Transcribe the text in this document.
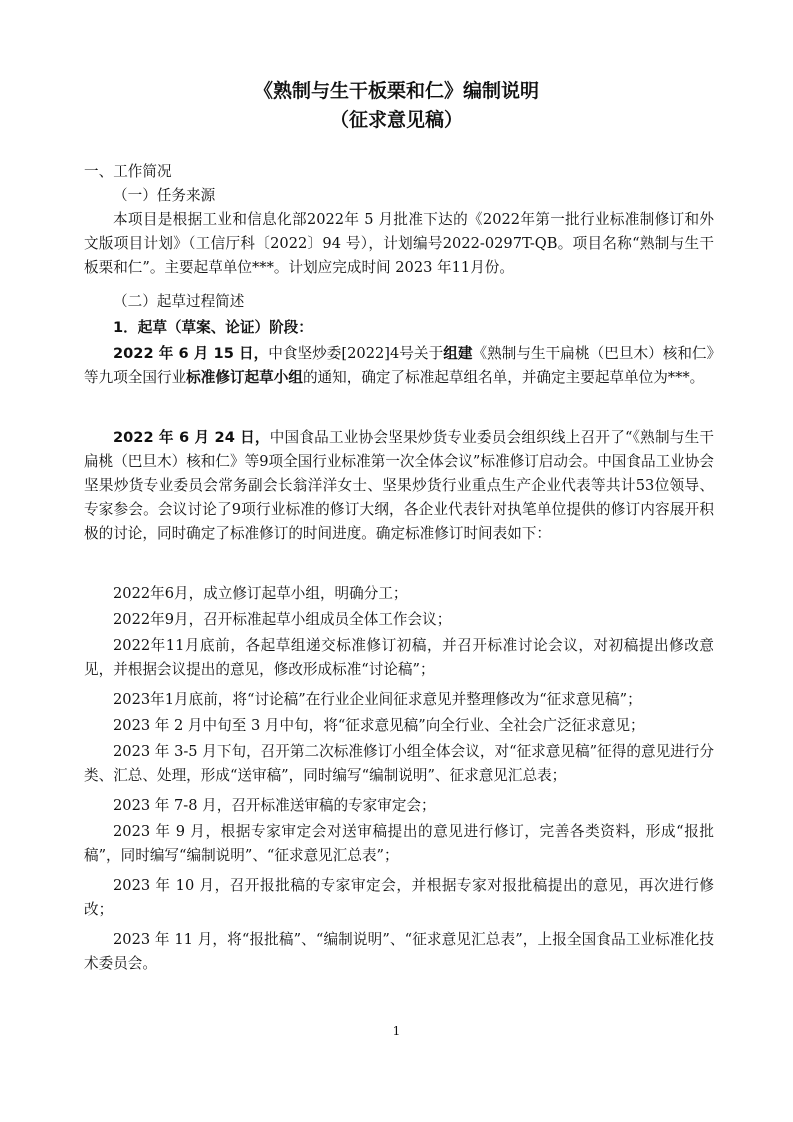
《熟制与生干板栗和仁》编制说明
（征求意见稿）

一、工作简况

（一）任务来源

本项目是根据工业和信息化部2022年 5 月批准下达的《2022年第一批行业标准制修订和外文版项目计划》（工信厅科〔2022〕94 号），计划编号2022-0297T-QB。项目名称“熟制与生干板栗和仁”。主要起草单位***。计划应完成时间 2023 年11月份。

（二）起草过程简述

1．起草（草案、论证）阶段：

2022 年 6 月 15 日，中食坚炒委[2022]4号关于组建《熟制与生干扁桃（巴旦木）核和仁》等九项全国行业标准修订起草小组的通知，确定了标准起草组名单，并确定主要起草单位为***。

2022 年 6 月 24 日，中国食品工业协会坚果炒货专业委员会组织线上召开了“《熟制与生干扁桃（巴旦木）核和仁》等9项全国行业标准第一次全体会议”标准修订启动会。中国食品工业协会坚果炒货专业委员会常务副会长翁洋洋女士、坚果炒货行业重点生产企业代表等共计53位领导、专家参会。会议讨论了9项行业标准的修订大纲，各企业代表针对执笔单位提供的修订内容展开积极的讨论，同时确定了标准修订的时间进度。确定标准修订时间表如下：

2022年6月，成立修订起草小组，明确分工；

2022年9月，召开标准起草小组成员全体工作会议；

2022年11月底前，各起草组递交标准修订初稿，并召开标准讨论会议，对初稿提出修改意见，并根据会议提出的意见，修改形成标准“讨论稿”；

2023年1月底前，将“讨论稿”在行业企业间征求意见并整理修改为“征求意见稿”；

2023 年 2 月中旬至 3 月中旬，将“征求意见稿”向全行业、全社会广泛征求意见；

2023 年 3-5 月下旬，召开第二次标准修订小组全体会议，对“征求意见稿”征得的意见进行分类、汇总、处理，形成“送审稿”，同时编写“编制说明”、征求意见汇总表；

2023 年 7-8 月，召开标准送审稿的专家审定会；

2023 年 9 月，根据专家审定会对送审稿提出的意见进行修订，完善各类资料，形成“报批稿”，同时编写“编制说明”、“征求意见汇总表”；

2023 年 10 月，召开报批稿的专家审定会，并根据专家对报批稿提出的意见，再次进行修改；

2023 年 11 月，将“报批稿”、“编制说明”、“征求意见汇总表”，上报全国食品工业标准化技术委员会。

1
